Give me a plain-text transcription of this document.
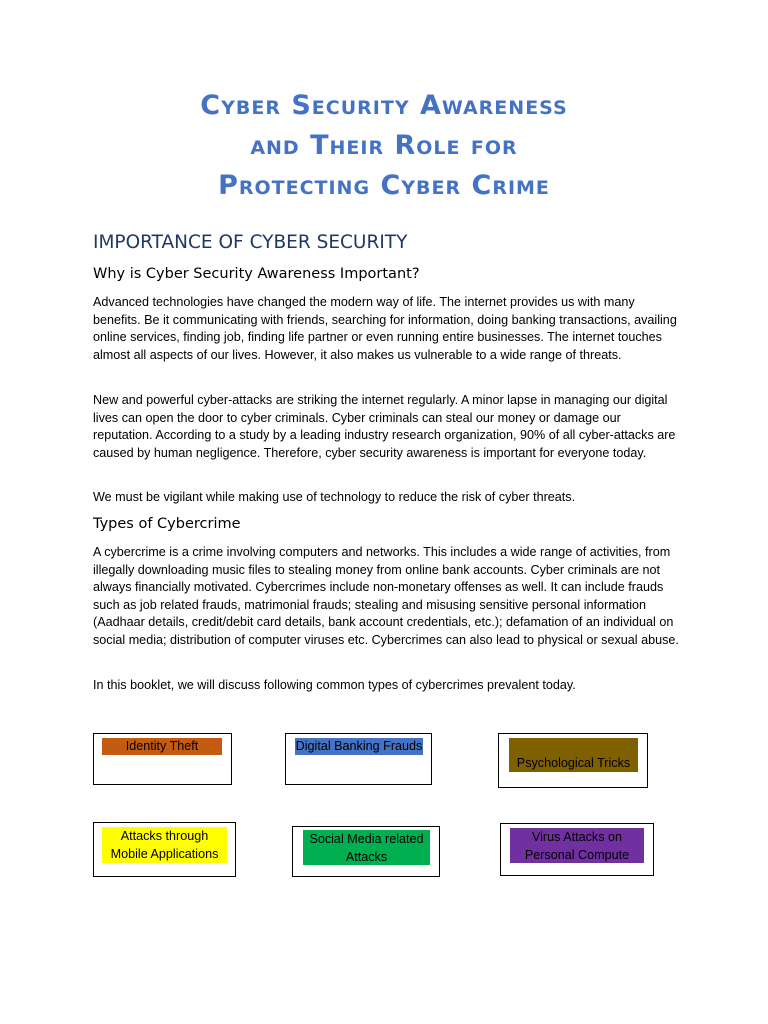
Cyber Security Awareness
and Their Role for
Protecting Cyber Crime
IMPORTANCE OF CYBER SECURITY
Why is Cyber Security Awareness Important?

Advanced technologies have changed the modern way of life. The internet provides us with many benefits. Be it communicating with friends, searching for information, doing banking transactions, availing online services, finding job, finding life partner or even running entire businesses. The internet touches almost all aspects of our lives. However, it also makes us vulnerable to a wide range of threats.

New and powerful cyber-attacks are striking the internet regularly. A minor lapse in managing our digital lives can open the door to cyber criminals. Cyber criminals can steal our money or damage our reputation. According to a study by a leading industry research organization, 90% of all cyber-attacks are caused by human negligence. Therefore, cyber security awareness is important for everyone today.

We must be vigilant while making use of technology to reduce the risk of cyber threats.

Types of Cybercrime

A cybercrime is a crime involving computers and networks. This includes a wide range of activities, from illegally downloading music files to stealing money from online bank accounts. Cyber criminals are not always financially motivated. Cybercrimes include non-monetary offenses as well. It can include frauds such as job related frauds, matrimonial frauds; stealing and misusing sensitive personal information (Aadhaar details, credit/debit card details, bank account credentials, etc.); defamation of an individual on social media; distribution of computer viruses etc. Cybercrimes can also lead to physical or sexual abuse.

In this booklet, we will discuss following common types of cybercrimes prevalent today.

Identity Theft	Digital Banking Frauds
Psychological Tricks
Attacks through Mobile Applications
Social Media related Attacks
Virus Attacks on Personal Compute
